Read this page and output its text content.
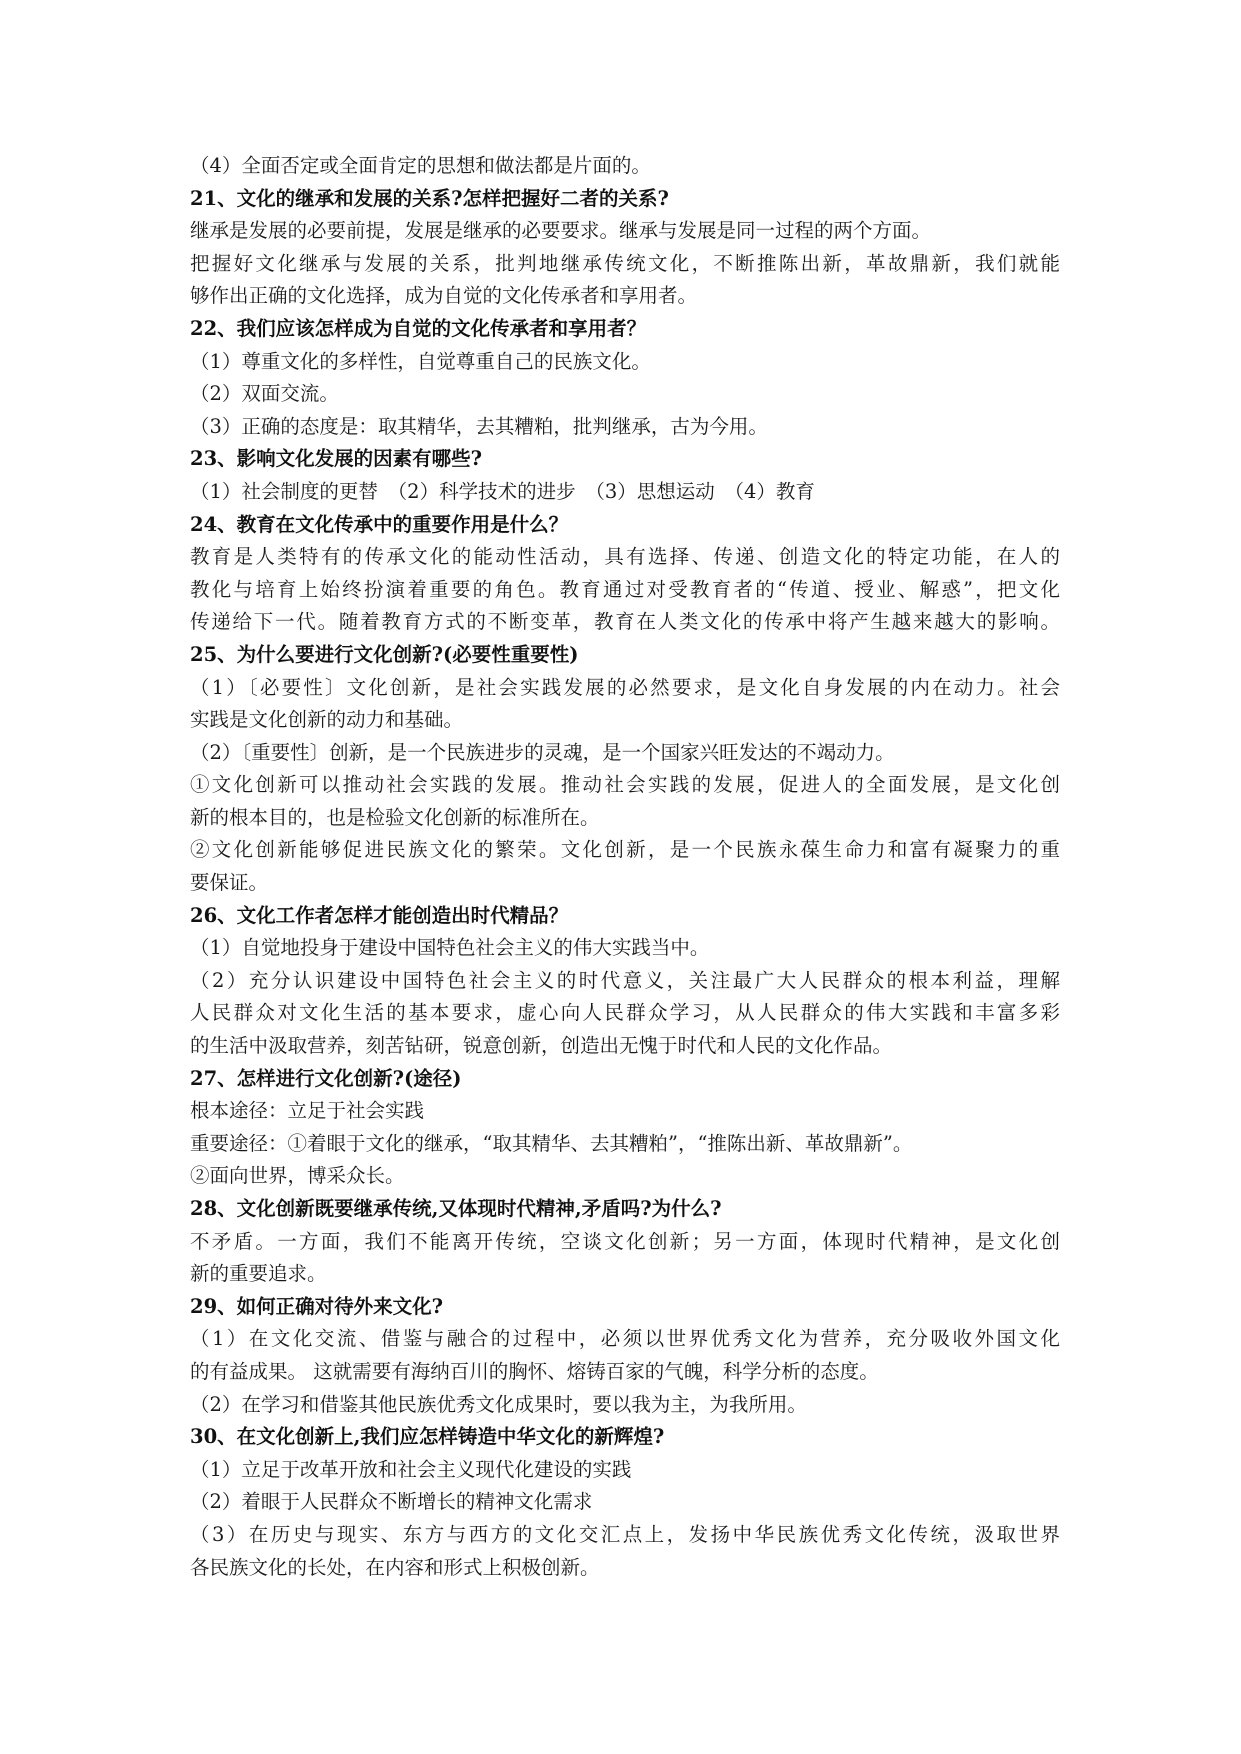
（4）全面否定或全面肯定的思想和做法都是片面的。
21、文化的继承和发展的关系?怎样把握好二者的关系?
继承是发展的必要前提，发展是继承的必要要求。继承与发展是同一过程的两个方面。
把握好文化继承与发展的关系，批判地继承传统文化，不断推陈出新，革故鼎新，我们就能
够作出正确的文化选择，成为自觉的文化传承者和享用者。
22、我们应该怎样成为自觉的文化传承者和享用者？
（1）尊重文化的多样性，自觉尊重自己的民族文化。
（2）双面交流。
（3）正确的态度是：取其精华，去其糟粕，批判继承，古为今用。
23、影响文化发展的因素有哪些?
（1）社会制度的更替　（2）科学技术的进步　（3）思想运动　（4）教育
24、教育在文化传承中的重要作用是什么？
教育是人类特有的传承文化的能动性活动，具有选择、传递、创造文化的特定功能，在人的
教化与培育上始终扮演着重要的角色。教育通过对受教育者的“传道、授业、解惑”，把文化
传递给下一代。随着教育方式的不断变革，教育在人类文化的传承中将产生越来越大的影响。
25、为什么要进行文化创新?(必要性重要性)
（1）〔必要性〕文化创新，是社会实践发展的必然要求，是文化自身发展的内在动力。社会
实践是文化创新的动力和基础。
（2）〔重要性〕创新，是一个民族进步的灵魂，是一个国家兴旺发达的不竭动力。
①文化创新可以推动社会实践的发展。推动社会实践的发展，促进人的全面发展，是文化创
新的根本目的，也是检验文化创新的标准所在。
②文化创新能够促进民族文化的繁荣。文化创新，是一个民族永葆生命力和富有凝聚力的重
要保证。
26、文化工作者怎样才能创造出时代精品？
（1）自觉地投身于建设中国特色社会主义的伟大实践当中。
（2）充分认识建设中国特色社会主义的时代意义，关注最广大人民群众的根本利益，理解
人民群众对文化生活的基本要求，虚心向人民群众学习，从人民群众的伟大实践和丰富多彩
的生活中汲取营养，刻苦钻研，锐意创新，创造出无愧于时代和人民的文化作品。
27、怎样进行文化创新?(途径)
根本途径：立足于社会实践
重要途径：①着眼于文化的继承，“取其精华、去其糟粕”，“推陈出新、革故鼎新”。
②面向世界，博采众长。
28、文化创新既要继承传统,又体现时代精神,矛盾吗?为什么?
不矛盾。一方面，我们不能离开传统，空谈文化创新；另一方面，体现时代精神，是文化创
新的重要追求。
29、如何正确对待外来文化?
（1）在文化交流、借鉴与融合的过程中，必须以世界优秀文化为营养，充分吸收外国文化
的有益成果。 这就需要有海纳百川的胸怀、熔铸百家的气魄，科学分析的态度。
（2）在学习和借鉴其他民族优秀文化成果时，要以我为主，为我所用。
30、在文化创新上,我们应怎样铸造中华文化的新辉煌?
（1）立足于改革开放和社会主义现代化建设的实践
（2）着眼于人民群众不断增长的精神文化需求
（3）在历史与现实、东方与西方的文化交汇点上，发扬中华民族优秀文化传统，汲取世界
各民族文化的长处，在内容和形式上积极创新。
